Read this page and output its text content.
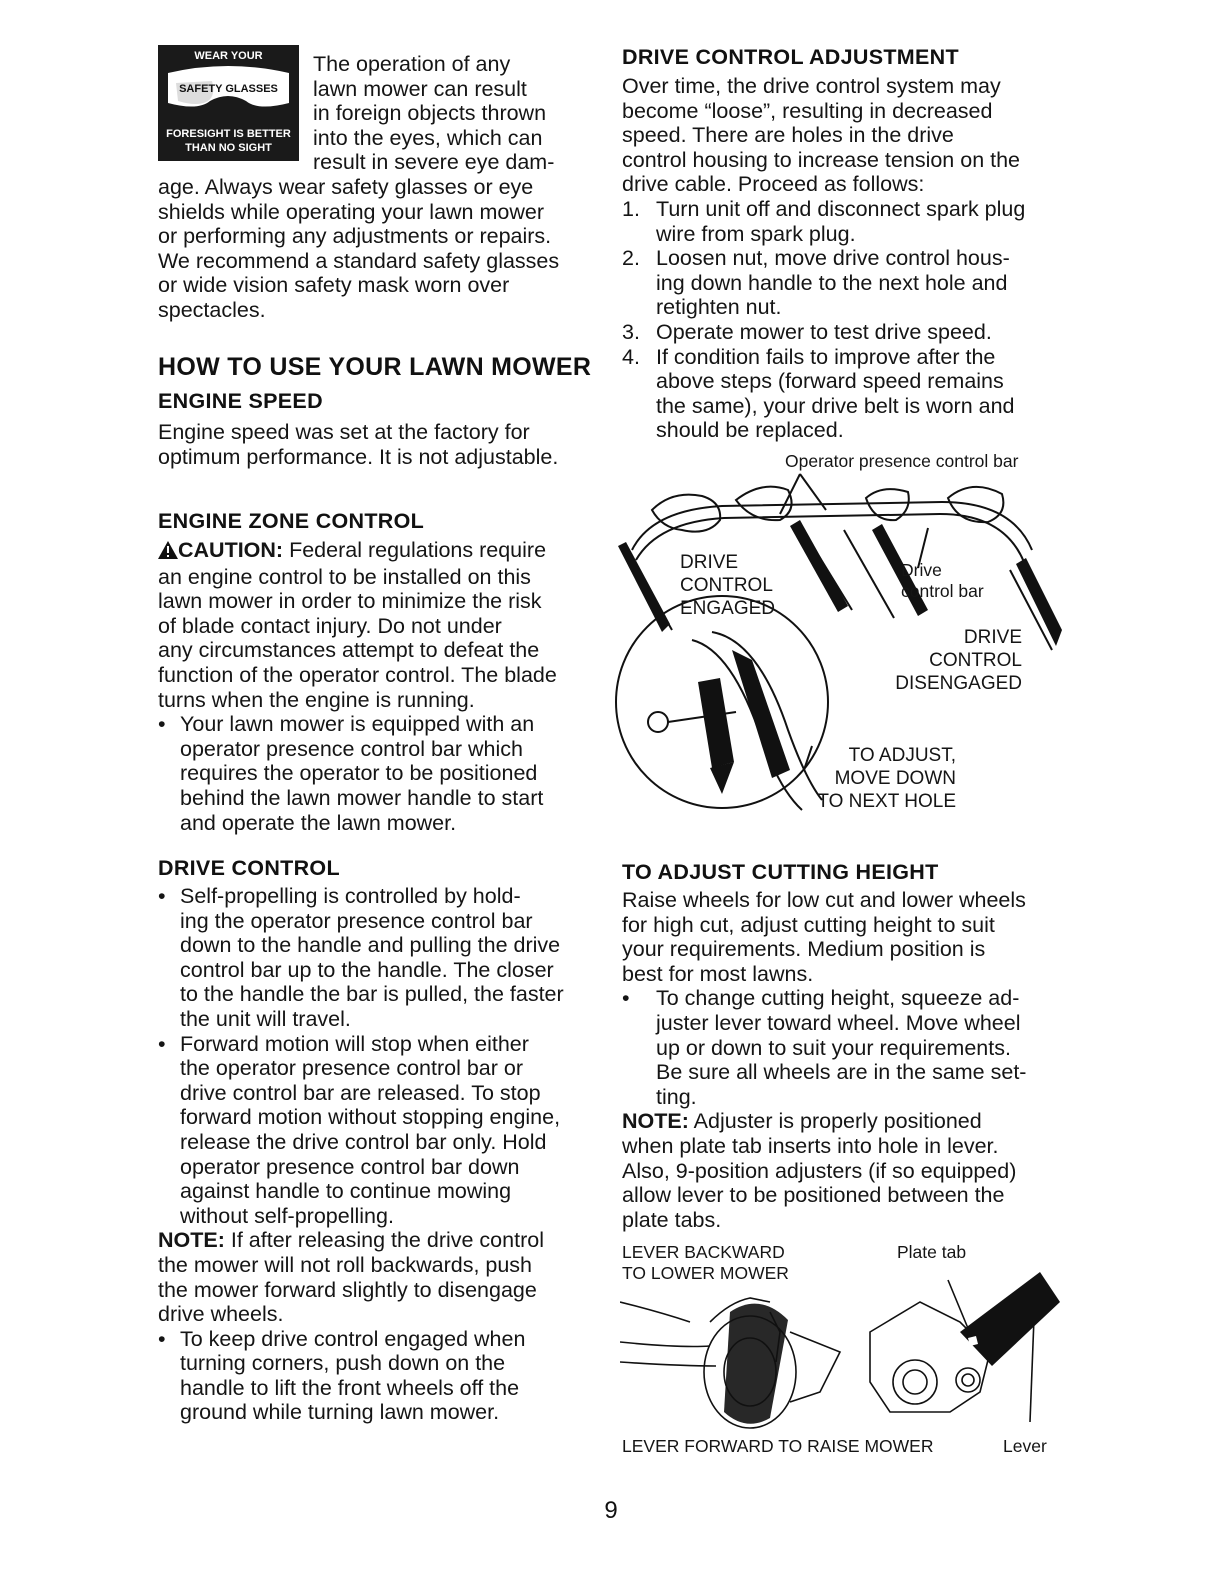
WEAR YOUR
SAFETY GLASSES
FORESIGHT IS BETTER
THAN NO SIGHT
The operation of any
lawn mower can result
in foreign objects thrown
into the eyes, which can
result in severe eye dam-
age. Always wear safety glasses or eye
shields while operating your lawn mower
or performing any adjustments or repairs.
We recommend a standard safety glasses
or wide vision safety mask worn over
spectacles.
HOW TO USE YOUR LAWN MOWER
ENGINE SPEED
Engine speed was set at the factory for
optimum performance. It is not adjustable.
ENGINE ZONE CONTROL
CAUTION: Federal regulations require
an engine control to be installed on this
lawn mower in order to minimize the risk
of blade contact injury. Do not under
any circumstances attempt to defeat the
function of the operator control. The blade
turns when the engine is running.
• Your lawn mower is equipped with an
operator presence control bar which
requires the operator to be positioned
behind the lawn mower handle to start
and operate the lawn mower.
DRIVE CONTROL
• Self-propelling is controlled by hold-
ing the operator presence control bar
down to the handle and pulling the drive
control bar up to the handle. The closer
to the handle the bar is pulled, the faster
the unit will travel.
• Forward motion will stop when either
the operator presence control bar or
drive control bar are released. To stop
forward motion without stopping engine,
release the drive control bar only. Hold
operator presence control bar down
against handle to continue mowing
without self-propelling.
NOTE: If after releasing the drive control
the mower will not roll backwards, push
the mower forward slightly to disengage
drive wheels.
• To keep drive control engaged when
turning corners, push down on the
handle to lift the front wheels off the
ground while turning lawn mower.
DRIVE CONTROL ADJUSTMENT
Over time, the drive control system may
become “loose”, resulting in decreased
speed. There are holes in the drive
control housing to increase tension on the
drive cable. Proceed as follows:
1. Turn unit off and disconnect spark plug
wire from spark plug.
2. Loosen nut, move drive control hous-
ing down handle to the next hole and
retighten nut.
3. Operate mower to test drive speed.
4. If condition fails to improve after the
above steps (forward speed remains
the same), your drive belt is worn and
should be replaced.
Operator presence control bar
DRIVE
CONTROL
ENGAGED
Drive
control bar
DRIVE
CONTROL
DISENGAGED
TO ADJUST,
MOVE DOWN
TO NEXT HOLE
TO ADJUST CUTTING HEIGHT
Raise wheels for low cut and lower wheels
for high cut, adjust cutting height to suit
your requirements. Medium position is
best for most lawns.
• To change cutting height, squeeze ad-
juster lever toward wheel. Move wheel
up or down to suit your requirements.
Be sure all wheels are in the same set-
ting.
NOTE: Adjuster is properly positioned
when plate tab inserts into hole in lever.
Also, 9-position adjusters (if so equipped)
allow lever to be positioned between the
plate tabs.
LEVER BACKWARD
TO LOWER MOWER
Plate tab
LEVER FORWARD TO RAISE MOWER	Lever
9
